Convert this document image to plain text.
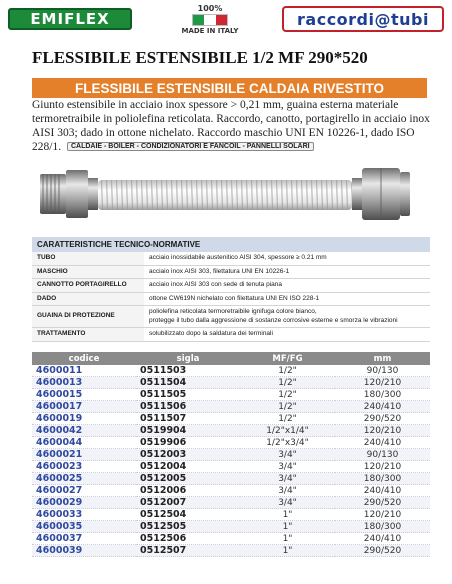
EMIFLEX
100%
MADE IN ITALY
raccordi@tubi
FLESSIBILE ESTENSIBILE 1/2 MF 290*520
FLESSIBILE ESTENSIBILE CALDAIA RIVESTITO
Giunto estensibile in acciaio inox spessore > 0,21 mm, guaina esterna materiale termoretraibile in poliolefina reticolata. Raccordo, canotto, portagirello in acciaio inox AISI 303; dado in ottone nichelato. Raccordo maschio UNI EN 10226-1, dado ISO 228/1. CALDAIE - BOILER - CONDIZIONATORI E FANCOIL - PANNELLI SOLARI
CARATTERISTICHE TECNICO-NORMATIVE	
TUBO	acciaio inossidabile austenitico AISI 304, spessore ≥ 0.21 mm
MASCHIO	acciaio inox AISI 303, filettatura UNI EN 10226-1
CANNOTTO PORTAGIRELLO	acciaio inox AISI 303 con sede di tenuta piana
DADO	ottone CW619N nichelato con filettatura UNI EN ISO 228-1
GUAINA DI PROTEZIONE	poliolefina reticolata termoretraibile ignifuga colore bianco,
protegge il tubo dalla aggressione di sostanze corrosive esterne e smorza le vibrazioni
TRATTAMENTO	solubilizzato dopo la saldatura dei terminali
codice	sigla	MF/FG	mm
4600011	0511503	1/2"	90/130
4600013	0511504	1/2"	120/210
4600015	0511505	1/2"	180/300
4600017	0511506	1/2"	240/410
4600019	0511507	1/2"	290/520
4600042	0519904	1/2"x1/4"	120/210
4600044	0519906	1/2"x3/4"	240/410
4600021	0512003	3/4"	90/130
4600023	0512004	3/4"	120/210
4600025	0512005	3/4"	180/300
4600027	0512006	3/4"	240/410
4600029	0512007	3/4"	290/520
4600033	0512504	1"	120/210
4600035	0512505	1"	180/300
4600037	0512506	1"	240/410
4600039	0512507	1"	290/520
